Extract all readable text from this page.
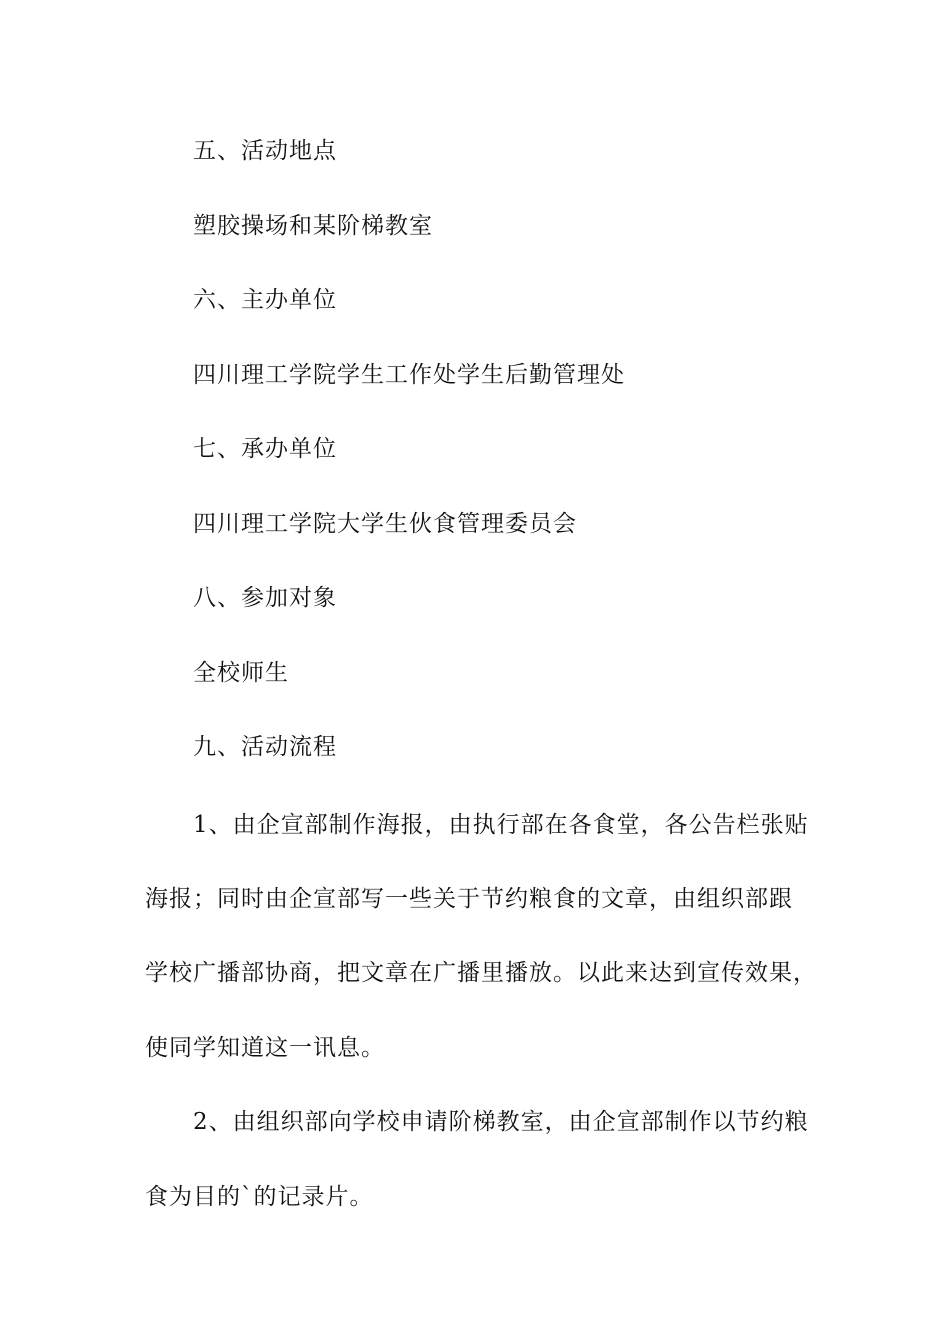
五、活动地点
塑胶操场和某阶梯教室
六、主办单位
四川理工学院学生工作处学生后勤管理处
七、承办单位
四川理工学院大学生伙食管理委员会
八、参加对象
全校师生
九、活动流程
1、由企宣部制作海报，由执行部在各食堂，各公告栏张贴
海报；同时由企宣部写一些关于节约粮食的文章，由组织部跟
学校广播部协商，把文章在广播里播放。以此来达到宣传效果，
使同学知道这一讯息。
2、由组织部向学校申请阶梯教室，由企宣部制作以节约粮
食为目的`的记录片。
